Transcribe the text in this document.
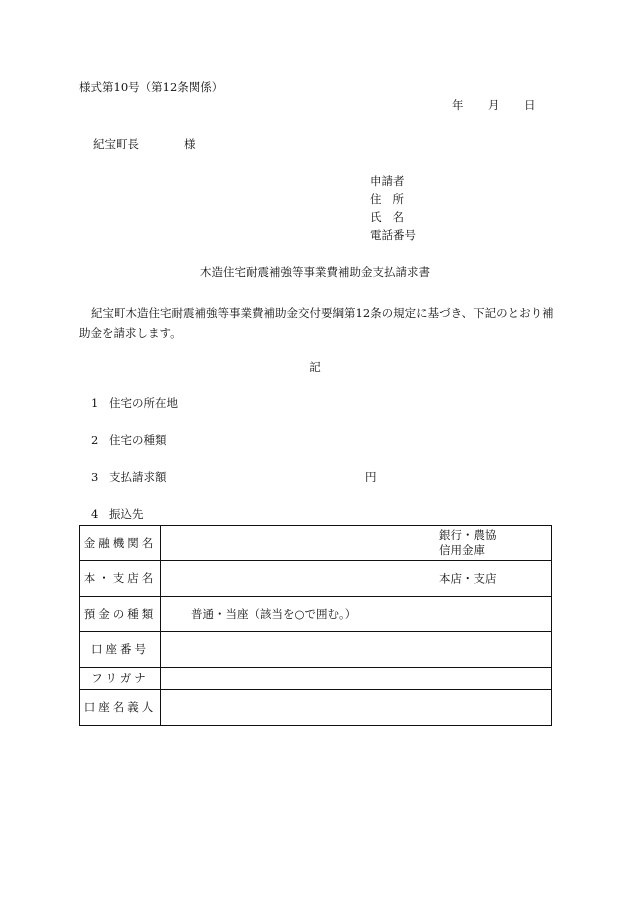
様式第10号（第12条関係）
年 月 日
紀宝町長	様
申請者
住所
氏名
電話番号
木造住宅耐震補強等事業費補助金支払請求書
紀宝町木造住宅耐震補強等事業費補助金交付要綱第12条の規定に基づき、下記のとおり補助金を請求します。
記
1 住宅の所在地
2 住宅の種類
3 支払請求額	円
4 振込先
金融機関名	銀行・農協
信用金庫

本・支店名	本店・支店

預金の種類	普通・当座（該当を○で囲む。）
口座番号	
フリガナ	
口座名義人	
